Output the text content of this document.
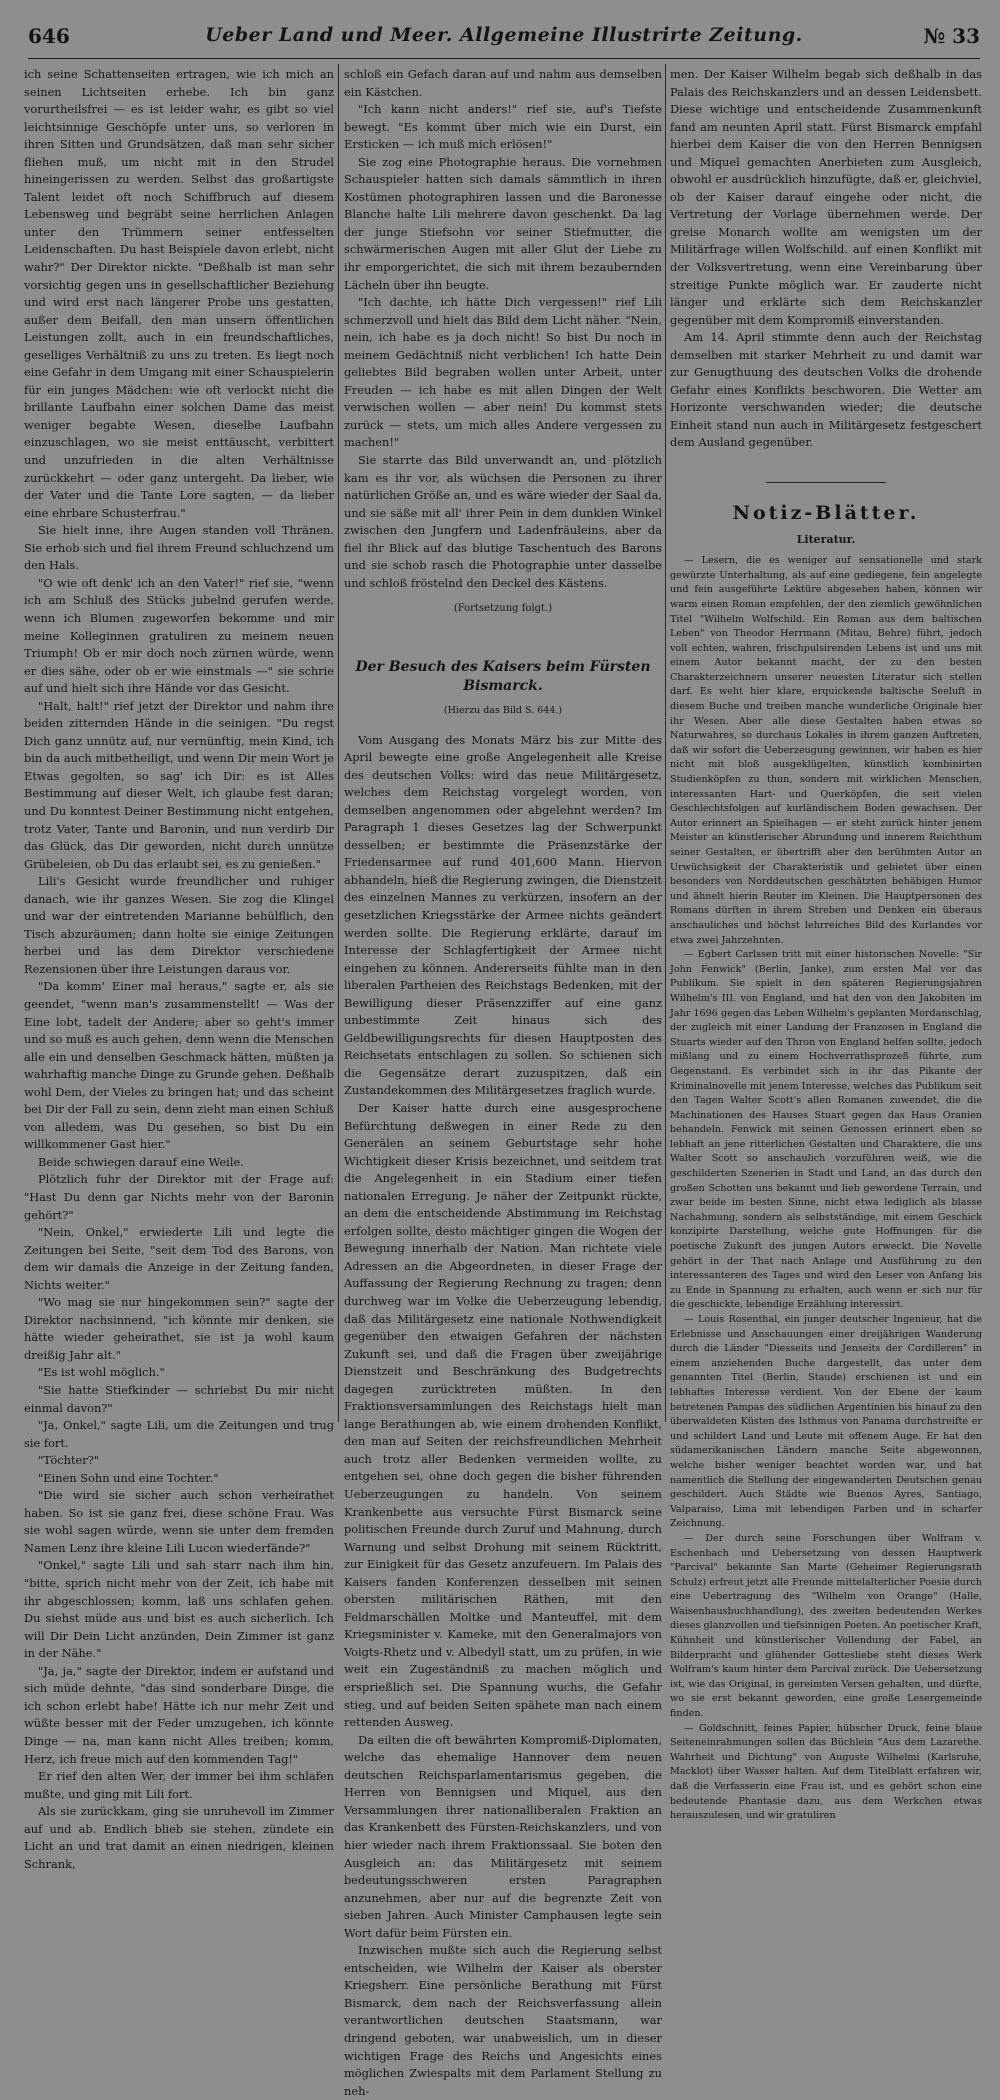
646	Ueber Land und Meer. Allgemeine Illustrirte Zeitung.	№ 33

ich seine Schattenseiten ertragen, wie ich mich an seinen Lichtseiten erhebe. Ich bin ganz vorurtheilsfrei — es ist leider wahr, es gibt so viel leichtsinnige Geschöpfe unter uns, so verloren in ihren Sitten und Grundsätzen, daß man sehr sicher fliehen muß, um nicht mit in den Strudel hineingerissen zu werden. Selbst das großartigste Talent leidet oft noch Schiffbruch auf diesem Lebensweg und begräbt seine herrlichen Anlagen unter den Trümmern seiner entfesselten Leidenschaften. Du hast Beispiele davon erlebt, nicht wahr?" Der Direktor nickte. "Deßhalb ist man sehr vorsichtig gegen uns in gesellschaftlicher Beziehung und wird erst nach längerer Probe uns gestatten, außer dem Beifall, den man unsern öffentlichen Leistungen zollt, auch in ein freundschaftliches, geselliges Verhältniß zu uns zu treten. Es liegt noch eine Gefahr in dem Umgang mit einer Schauspielerin für ein junges Mädchen: wie oft verlockt nicht die brillante Laufbahn einer solchen Dame das meist weniger begabte Wesen, dieselbe Laufbahn einzuschlagen, wo sie meist enttäuscht, verbittert und unzufrieden in die alten Verhältnisse zurückkehrt — oder ganz untergeht. Da lieber, wie der Vater und die Tante Lore sagten, — da lieber eine ehrbare Schusterfrau."

Sie hielt inne, ihre Augen standen voll Thränen. Sie erhob sich und fiel ihrem Freund schluchzend um den Hals.

"O wie oft denk' ich an den Vater!" rief sie, "wenn ich am Schluß des Stücks jubelnd gerufen werde, wenn ich Blumen zugeworfen bekomme und mir meine Kolleginnen gratuliren zu meinem neuen Triumph! Ob er mir doch noch zürnen würde, wenn er dies sähe, oder ob er wie einstmals —" sie schrie auf und hielt sich ihre Hände vor das Gesicht.

"Halt, halt!" rief jetzt der Direktor und nahm ihre beiden zitternden Hände in die seinigen. "Du regst Dich ganz unnütz auf, nur vernünftig, mein Kind, ich bin da auch mitbetheiligt, und wenn Dir mein Wort je Etwas gegolten, so sag' ich Dir: es ist Alles Bestimmung auf dieser Welt, ich glaube fest daran; und Du konntest Deiner Bestimmung nicht entgehen, trotz Vater, Tante und Baronin, und nun verdirb Dir das Glück, das Dir geworden, nicht durch unnütze Grübeleien, ob Du das erlaubt sei, es zu genießen."

Lili's Gesicht wurde freundlicher und ruhiger danach, wie ihr ganzes Wesen. Sie zog die Klingel und war der eintretenden Marianne behülflich, den Tisch abzuräumen; dann holte sie einige Zeitungen herbei und las dem Direktor verschiedene Rezensionen über ihre Leistungen daraus vor.

"Da komm' Einer mal heraus," sagte er, als sie geendet, "wenn man's zusammenstellt! — Was der Eine lobt, tadelt der Andere; aber so geht's immer und so muß es auch gehen, denn wenn die Menschen alle ein und denselben Geschmack hätten, müßten ja wahrhaftig manche Dinge zu Grunde gehen. Deßhalb wohl Dem, der Vieles zu bringen hat; und das scheint bei Dir der Fall zu sein, denn zieht man einen Schluß von alledem, was Du gesehen, so bist Du ein willkommener Gast hier."

Beide schwiegen darauf eine Weile.

Plötzlich fuhr der Direktor mit der Frage auf: "Hast Du denn gar Nichts mehr von der Baronin gehört?"

"Nein, Onkel," erwiederte Lili und legte die Zeitungen bei Seite, "seit dem Tod des Barons, von dem wir damals die Anzeige in der Zeitung fanden, Nichts weiter."

"Wo mag sie nur hingekommen sein?" sagte der Direktor nachsinnend, "ich könnte mir denken, sie hätte wieder geheirathet, sie ist ja wohl kaum dreißig Jahr alt."

"Es ist wohl möglich."

"Sie hatte Stiefkinder — schriebst Du mir nicht einmal davon?"

"Ja, Onkel," sagte Lili, um die Zeitungen und trug sie fort.

"Töchter?"

"Einen Sohn und eine Tochter."

"Die wird sie sicher auch schon verheirathet haben. So ist sie ganz frei, diese schöne Frau. Was sie wohl sagen würde, wenn sie unter dem fremden Namen Lenz ihre kleine Lili Lucon wiederfände?"

"Onkel," sagte Lili und sah starr nach ihm hin, "bitte, sprich nicht mehr von der Zeit, ich habe mit ihr abgeschlossen; komm, laß uns schlafen gehen. Du siehst müde aus und bist es auch sicherlich. Ich will Dir Dein Licht anzünden, Dein Zimmer ist ganz in der Nähe."

"Ja, ja," sagte der Direktor, indem er aufstand und sich müde dehnte, "das sind sonderbare Dinge, die ich schon erlebt habe! Hätte ich nur mehr Zeit und wüßte besser mit der Feder umzugehen, ich könnte Dinge — na, man kann nicht Alles treiben; komm, Herz, ich freue mich auf den kommenden Tag!"

Er rief den alten Wer, der immer bei ihm schlafen mußte, und ging mit Lili fort.

Als sie zurückkam, ging sie unruhevoll im Zimmer auf und ab. Endlich blieb sie stehen, zündete ein Licht an und trat damit an einen niedrigen, kleinen Schrank,

schloß ein Gefach daran auf und nahm aus demselben ein Kästchen.

"Ich kann nicht anders!" rief sie, auf's Tiefste bewegt. "Es kommt über mich wie ein Durst, ein Ersticken — ich muß mich erlösen!"

Sie zog eine Photographie heraus. Die vornehmen Schauspieler hatten sich damals sämmtlich in ihren Kostümen photographiren lassen und die Baronesse Blanche halte Lili mehrere davon geschenkt. Da lag der junge Stiefsohn vor seiner Stiefmutter, die schwärmerischen Augen mit aller Glut der Liebe zu ihr emporgerichtet, die sich mit ihrem bezaubernden Lächeln über ihn beugte.

"Ich dachte, ich hätte Dich vergessen!" rief Lili schmerzvoll und hielt das Bild dem Licht näher. "Nein, nein, ich habe es ja doch nicht! So bist Du noch in meinem Gedächtniß nicht verblichen! Ich hatte Dein geliebtes Bild begraben wollen unter Arbeit, unter Freuden — ich habe es mit allen Dingen der Welt verwischen wollen — aber nein! Du kommst stets zurück — stets, um mich alles Andere vergessen zu machen!"

Sie starrte das Bild unverwandt an, und plötzlich kam es ihr vor, als wüchsen die Personen zu ihrer natürlichen Größe an, und es wäre wieder der Saal da, und sie säße mit all' ihrer Pein in dem dunklen Winkel zwischen den Jungfern und Ladenfräuleins, aber da fiel ihr Blick auf das blutige Taschentuch des Barons und sie schob rasch die Photographie unter dasselbe und schloß fröstelnd den Deckel des Kästens.

(Fortsetzung folgt.)
Der Besuch des Kaisers beim Fürsten Bismarck.
(Hierzu das Bild S. 644.)

Vom Ausgang des Monats März bis zur Mitte des April bewegte eine große Angelegenheit alle Kreise des deutschen Volks: wird das neue Militärgesetz, welches dem Reichstag vorgelegt worden, von demselben angenommen oder abgelehnt werden? Im Paragraph 1 dieses Gesetzes lag der Schwerpunkt desselben; er bestimmte die Präsenzstärke der Friedensarmee auf rund 401,600 Mann. Hiervon abhandeln, hieß die Regierung zwingen, die Dienstzeit des einzelnen Mannes zu verkürzen, insofern an der gesetzlichen Kriegsstärke der Armee nichts geändert werden sollte. Die Regierung erklärte, darauf im Interesse der Schlagfertigkeit der Armee nicht eingehen zu können. Andererseits fühlte man in den liberalen Partheien des Reichstags Bedenken, mit der Bewilligung dieser Präsenzziffer auf eine ganz unbestimmte Zeit hinaus sich des Geldbewilligungsrechts für diesen Hauptposten des Reichsetats entschlagen zu sollen. So schienen sich die Gegensätze derart zuzuspitzen, daß ein Zustandekommen des Militärgesetzes fraglich wurde.

Der Kaiser hatte durch eine ausgesprochene Befürchtung deßwegen in einer Rede zu den Generälen an seinem Geburtstage sehr hohe Wichtigkeit dieser Krisis bezeichnet, und seitdem trat die Angelegenheit in ein Stadium einer tiefen nationalen Erregung. Je näher der Zeitpunkt rückte, an dem die entscheidende Abstimmung im Reichstag erfolgen sollte, desto mächtiger gingen die Wogen der Bewegung innerhalb der Nation. Man richtete viele Adressen an die Abgeordneten, in dieser Frage der Auffassung der Regierung Rechnung zu tragen; denn durchweg war im Volke die Ueberzeugung lebendig, daß das Militärgesetz eine nationale Nothwendigkeit gegenüber den etwaigen Gefahren der nächsten Zukunft sei, und daß die Fragen über zweijährige Dienstzeit und Beschränkung des Budgetrechts dagegen zurücktreten müßten. In den Fraktionsversammlungen des Reichstags hielt man lange Berathungen ab, wie einem drohenden Konflikt, den man auf Seiten der reichsfreundlichen Mehrheit auch trotz aller Bedenken vermeiden wollte, zu entgehen sei, ohne doch gegen die bisher führenden Ueberzeugungen zu handeln. Von seinem Krankenbette aus versuchte Fürst Bismarck seine politischen Freunde durch Zuruf und Mahnung, durch Warnung und selbst Drohung mit seinem Rücktritt, zur Einigkeit für das Gesetz anzufeuern. Im Palais des Kaisers fanden Konferenzen desselben mit seinen obersten militärischen Räthen, mit den Feldmarschällen Moltke und Manteuffel, mit dem Kriegsminister v. Kameke, mit den Generalmajors von Voigts-Rhetz und v. Albedyll statt, um zu prüfen, in wie weit ein Zugeständniß zu machen möglich und ersprießlich sei. Die Spannung wuchs, die Gefahr stieg, und auf beiden Seiten spähete man nach einem rettenden Ausweg.

Da eilten die oft bewährten Kompromiß-Diplomaten, welche das ehemalige Hannover dem neuen deutschen Reichsparlamentarismus gegeben, die Herren von Bennigsen und Miquel, aus den Versammlungen ihrer nationalliberalen Fraktion an das Krankenbett des Fürsten-Reichskanzlers, und von hier wieder nach ihrem Fraktionssaal. Sie boten den Ausgleich an: das Militärgesetz mit seinem bedeutungsschweren ersten Paragraphen anzunehmen, aber nur auf die begrenzte Zeit von sieben Jahren. Auch Minister Camphausen legte sein Wort dafür beim Fürsten ein.

Inzwischen mußte sich auch die Regierung selbst entscheiden, wie Wilhelm der Kaiser als oberster Kriegsherr. Eine persönliche Berathung mit Fürst Bismarck, dem nach der Reichsverfassung allein verantwortlichen deutschen Staatsmann, war dringend geboten, war unabweislich, um in dieser wichtigen Frage des Reichs und Angesichts eines möglichen Zwiespalts mit dem Parlament Stellung zu neh-

men. Der Kaiser Wilhelm begab sich deßhalb in das Palais des Reichskanzlers und an dessen Leidensbett. Diese wichtige und entscheidende Zusammenkunft fand am neunten April statt. Fürst Bismarck empfahl hierbei dem Kaiser die von den Herren Bennigsen und Miquel gemachten Anerbieten zum Ausgleich, obwohl er ausdrücklich hinzufügte, daß er, gleichviel, ob der Kaiser darauf eingehe oder nicht, die Vertretung der Vorlage übernehmen werde. Der greise Monarch wollte am wenigsten um der Militärfrage willen Wolfschild. auf einen Konflikt mit der Volksvertretung, wenn eine Vereinbarung über streitige Punkte möglich war. Er zauderte nicht länger und erklärte sich dem Reichskanzler gegenüber mit dem Kompromiß einverstanden.

Am 14. April stimmte denn auch der Reichstag demselben mit starker Mehrheit zu und damit war zur Genugthuung des deutschen Volks die drohende Gefahr eines Konflikts beschworen. Die Wetter am Horizonte verschwanden wieder; die deutsche Einheit stand nun auch in Militärgesetz festgeschert dem Ausland gegenüber.

Notiz-Blätter.
Literatur.

— Lesern, die es weniger auf sensationelle und stark gewürzte Unterhaltung, als auf eine gediegene, fein angelegte und fein ausgeführte Lektüre abgesehen haben, können wir warm einen Roman empfehlen, der den ziemlich gewöhnlichen Titel "Wilhelm Wolfschild. Ein Roman aus dem baltischen Leben" von Theodor Herrmann (Mitau, Behre) führt, jedoch voll echten, wahren, frischpulsirenden Lebens ist und uns mit einem Autor bekannt macht, der zu den besten Charakterzeichnern unserer neuesten Literatur sich stellen darf. Es weht hier klare, erquickende baltische Seeluft in diesem Buche und treiben manche wunderliche Originale hier ihr Wesen. Aber alle diese Gestalten haben etwas so Naturwahres, so durchaus Lokales in ihrem ganzen Auftreten, daß wir sofort die Ueberzeugung gewinnen, wir haben es hier nicht mit bloß ausgeklügelten, künstlich kombinirten Studienköpfen zu thun, sondern mit wirklichen Menschen, interessanten Hart- und Querköpfen, die seit vielen Geschlechtsfolgen auf kurländischem Boden gewachsen. Der Autor erinnert an Spielhagen — er steht zurück hinter jenem Meister an künstlerischer Abrundung und innerem Reichthum seiner Gestalten, er übertrifft aber den berühmten Autor an Urwüchsigkeit der Charakteristik und gebietet über einen besonders von Norddeutschen geschätzten behäbigen Humor und ähnelt hierin Reuter im Kleinen. Die Hauptpersonen des Romans dürften in ihrem Streben und Denken ein überaus anschauliches und höchst lehrreiches Bild des Kurlandes vor etwa zwei Jahrzehnten.

— Egbert Carlssen tritt mit einer historischen Novelle: "Sir John Fenwick" (Berlin, Janke), zum ersten Mal vor das Publikum. Sie spielt in den späteren Regierungsjahren Wilhelm's III. von England, und hat den von den Jakobiten im Jahr 1696 gegen das Leben Wilhelm's geplanten Mordanschlag, der zugleich mit einer Landung der Franzosen in England die Stuarts wieder auf den Thron von England helfen sollte, jedoch mißlang und zu einem Hochverrathsprozeß führte, zum Gegenstand. Es verbindet sich in ihr das Pikante der Kriminalnovelle mit jenem Interesse, welches das Publikum seit den Tagen Walter Scott's allen Romanen zuwendet, die die Machinationen des Hauses Stuart gegen das Haus Oranien behandeln. Fenwick mit seinen Genossen erinnert eben so lebhaft an jene ritterlichen Gestalten und Charaktere, die uns Walter Scott so anschaulich vorzuführen weiß, wie die geschilderten Szenerien in Stadt und Land, an das durch den großen Schotten uns bekannt und lieb gewordene Terrain, und zwar beide im besten Sinne, nicht etwa lediglich als blasse Nachahmung, sondern als selbstständige, mit einem Geschick konzipirte Darstellung, welche gute Hoffnungen für die poetische Zukunft des jungen Autors erweckt. Die Novelle gehört in der That nach Anlage und Ausführung zu den interessanteren des Tages und wird den Leser von Anfang bis zu Ende in Spannung zu erhalten, auch wenn er sich nur für die geschickte, lebendige Erzählung interessirt.

— Louis Rosenthal, ein junger deutscher Ingenieur, hat die Erlebnisse und Anschauungen einer dreijährigen Wanderung durch die Länder "Diesseits und Jenseits der Cordilleren" in einem anziehenden Buche dargestellt, das unter dem genannten Titel (Berlin, Staude) erschienen ist und ein lebhaftes Interesse verdient. Von der Ebene der kaum betretenen Pampas des südlichen Argentinien bis hinauf zu den überwaldeten Küsten des Isthmus von Panama durchstreifte er und schildert Land und Leute mit offenem Auge. Er hat den südamerikanischen Ländern manche Seite abgewonnen, welche bisher weniger beachtet worden war, und hat namentlich die Stellung der eingewanderten Deutschen genau geschildert. Auch Städte wie Buenos Ayres, Santiago, Valparaiso, Lima mit lebendigen Farben und in scharfer Zeichnung.

— Der durch seine Forschungen über Wolfram v. Eschenbach und Uebersetzung von dessen Hauptwerk "Parcival" bekannte San Marte (Geheimer Regierungsrath Schulz) erfreut jetzt alle Freunde mittelalterlicher Poesie durch eine Uebertragung des "Wilhelm von Orange" (Halle, Waisenhausbuchhandlung), des zweiten bedeutenden Werkes dieses glanzvollen und tiefsinnigen Poeten. An poetischer Kraft, Kühnheit und künstlerischer Vollendung der Fabel, an Bilderpracht und glühender Gottesliebe steht dieses Werk Wolfram's kaum hinter dem Parcival zurück. Die Uebersetzung ist, wie das Original, in gereimten Versen gehalten, und dürfte, wo sie erst bekannt geworden, eine große Lesergemeinde finden.

— Goldschnitt, feines Papier, hübscher Druck, feine blaue Seiteneinrahmungen sollen das Büchlein "Aus dem Lazarethe. Wahrheit und Dichtung" von Auguste Wilhelmi (Karlsruhe, Macklot) über Wasser halten. Auf dem Titelblatt erfahren wir, daß die Verfasserin eine Frau ist, und es gehört schon eine bedeutende Phantasie dazu, aus dem Werkchen etwas herauszulesen, und wir gratuliren
